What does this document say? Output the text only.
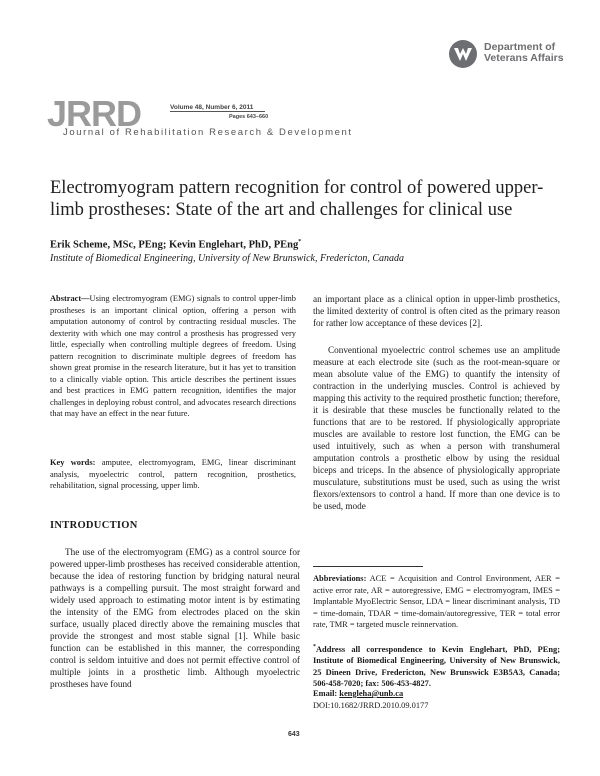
Department of
Veterans Affairs
JRRD	Volume 48, Number 6, 2011
Pages 643–660
Journal of Rehabilitation Research & Development
Electromyogram pattern recognition for control of powered upper-limb prostheses: State of the art and challenges for clinical use
Erik Scheme, MSc, PEng; Kevin Englehart, PhD, PEng*
Institute of Biomedical Engineering, University of New Brunswick, Fredericton, Canada
Abstract—Using electromyogram (EMG) signals to control upper-limb prostheses is an important clinical option, offering a person with amputation autonomy of control by contracting residual muscles. The dexterity with which one may control a prosthesis has progressed very little, especially when controlling multiple degrees of freedom. Using pattern recognition to discriminate multiple degrees of freedom has shown great promise in the research literature, but it has yet to transition to a clinically viable option. This article describes the pertinent issues and best practices in EMG pattern recognition, identifies the major challenges in deploying robust control, and advocates research directions that may have an effect in the near future.
Key words: amputee, electromyogram, EMG, linear discriminant analysis, myoelectric control, pattern recognition, prosthetics, rehabilitation, signal processing, upper limb.
INTRODUCTION
The use of the electromyogram (EMG) as a control source for powered upper-limb prostheses has received considerable attention, because the idea of restoring function by bridging natural neural pathways is a compelling pursuit. The most straight forward and widely used approach to estimating motor intent is by estimating the intensity of the EMG from electrodes placed on the skin surface, usually placed directly above the remaining muscles that provide the strongest and most stable signal [1]. While basic function can be established in this manner, the corresponding control is seldom intuitive and does not permit effective control of multiple joints in a prosthetic limb. Although myoelectric prostheses have found
an important place as a clinical option in upper-limb prosthetics, the limited dexterity of control is often cited as the primary reason for rather low acceptance of these devices [2].
Conventional myoelectric control schemes use an amplitude measure at each electrode site (such as the root-mean-square or mean absolute value of the EMG) to quantify the intensity of contraction in the underlying muscles. Control is achieved by mapping this activity to the required prosthetic function; therefore, it is desirable that these muscles be functionally related to the functions that are to be restored. If physiologically appropriate muscles are available to restore lost function, the EMG can be used intuitively, such as when a person with transhumeral amputation controls a prosthetic elbow by using the residual biceps and triceps. In the absence of physiologically appropriate musculature, substitutions must be used, such as using the wrist flexors/extensors to control a hand. If more than one device is to be used, mode
Abbreviations: ACE = Acquisition and Control Environment, AER = active error rate, AR = autoregressive, EMG = electromyogram, IMES = Implantable MyoElectric Sensor, LDA = linear discriminant analysis, TD = time-domain, TDAR = time-domain/autoregressive, TER = total error rate, TMR = targeted muscle reinnervation.
*Address all correspondence to Kevin Englehart, PhD, PEng; Institute of Biomedical Engineering, University of New Brunswick, 25 Dineen Drive, Fredericton, New Brunswick E3B5A3, Canada; 506-458-7020; fax: 506-453-4827.
Email: kengleha@unb.ca
DOI:10.1682/JRRD.2010.09.0177
643
